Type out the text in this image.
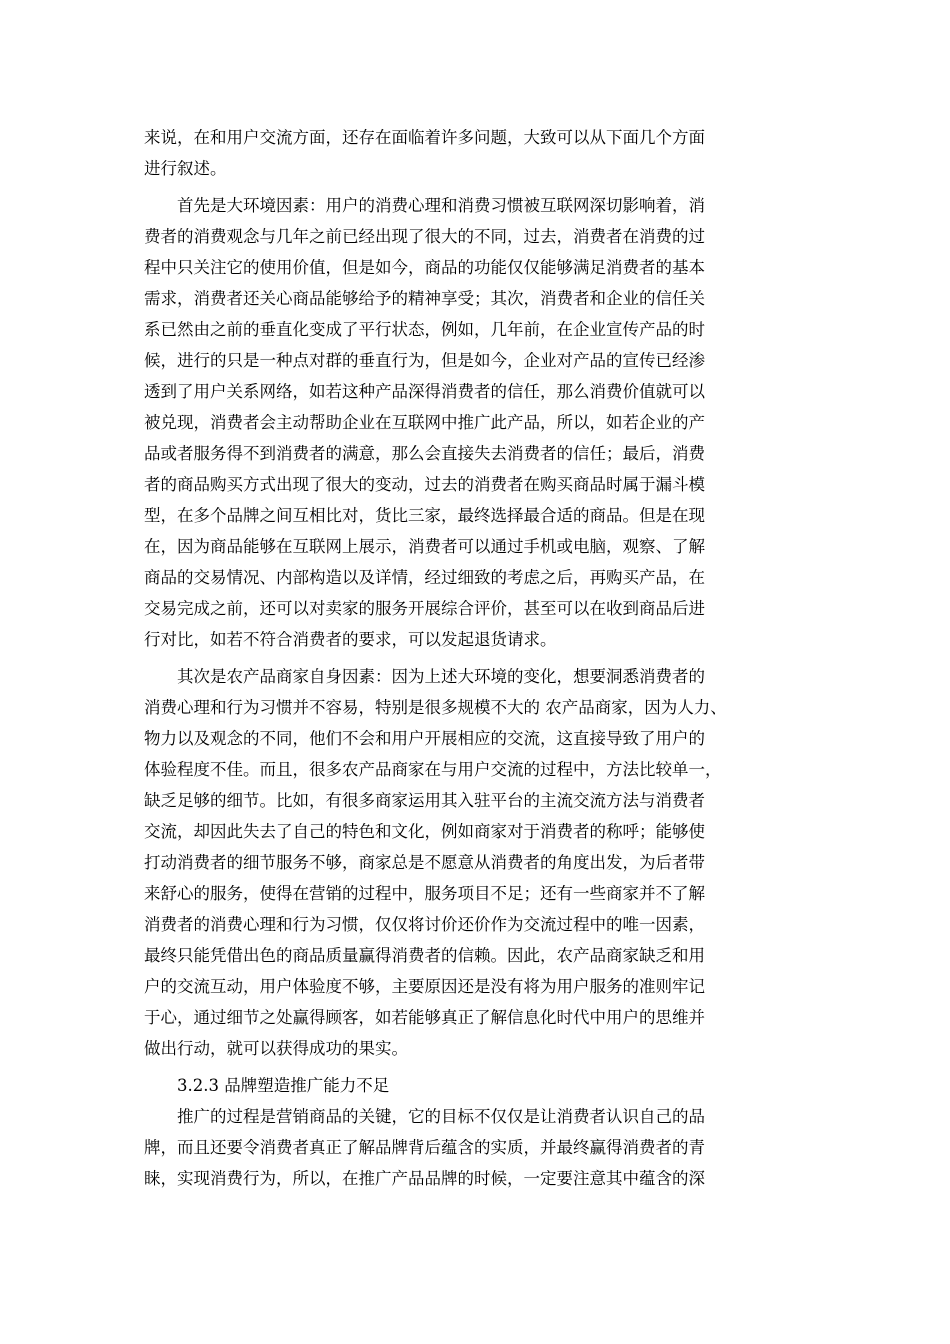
来说，在和用户交流方面，还存在面临着许多问题，大致可以从下面几个方面
进行叙述。
首先是大环境因素：用户的消费心理和消费习惯被互联网深切影响着，消
费者的消费观念与几年之前已经出现了很大的不同，过去，消费者在消费的过
程中只关注它的使用价值，但是如今，商品的功能仅仅能够满足消费者的基本
需求，消费者还关心商品能够给予的精神享受；其次，消费者和企业的信任关
系已然由之前的垂直化变成了平行状态，例如，几年前，在企业宣传产品的时
候，进行的只是一种点对群的垂直行为，但是如今，企业对产品的宣传已经渗
透到了用户关系网络，如若这种产品深得消费者的信任，那么消费价值就可以
被兑现，消费者会主动帮助企业在互联网中推广此产品，所以，如若企业的产
品或者服务得不到消费者的满意，那么会直接失去消费者的信任；最后，消费
者的商品购买方式出现了很大的变动，过去的消费者在购买商品时属于漏斗模
型，在多个品牌之间互相比对，货比三家，最终选择最合适的商品。但是在现
在，因为商品能够在互联网上展示，消费者可以通过手机或电脑，观察、了解
商品的交易情况、内部构造以及详情，经过细致的考虑之后，再购买产品，在
交易完成之前，还可以对卖家的服务开展综合评价，甚至可以在收到商品后进
行对比，如若不符合消费者的要求，可以发起退货请求。
其次是农产品商家自身因素：因为上述大环境的变化，想要洞悉消费者的
消费心理和行为习惯并不容易，特别是很多规模不大的 农产品商家，因为人力、
物力以及观念的不同，他们不会和用户开展相应的交流，这直接导致了用户的
体验程度不佳。而且，很多农产品商家在与用户交流的过程中，方法比较单一，
缺乏足够的细节。比如，有很多商家运用其入驻平台的主流交流方法与消费者
交流，却因此失去了自己的特色和文化，例如商家对于消费者的称呼；能够使
打动消费者的细节服务不够，商家总是不愿意从消费者的角度出发，为后者带
来舒心的服务，使得在营销的过程中，服务项目不足；还有一些商家并不了解
消费者的消费心理和行为习惯，仅仅将讨价还价作为交流过程中的唯一因素，
最终只能凭借出色的商品质量赢得消费者的信赖。因此，农产品商家缺乏和用
户的交流互动，用户体验度不够，主要原因还是没有将为用户服务的准则牢记
于心，通过细节之处赢得顾客，如若能够真正了解信息化时代中用户的思维并
做出行动，就可以获得成功的果实。
3.2.3 品牌塑造推广能力不足
推广的过程是营销商品的关键，它的目标不仅仅是让消费者认识自己的品
牌，而且还要令消费者真正了解品牌背后蕴含的实质，并最终赢得消费者的青
睐，实现消费行为，所以，在推广产品品牌的时候，一定要注意其中蕴含的深
